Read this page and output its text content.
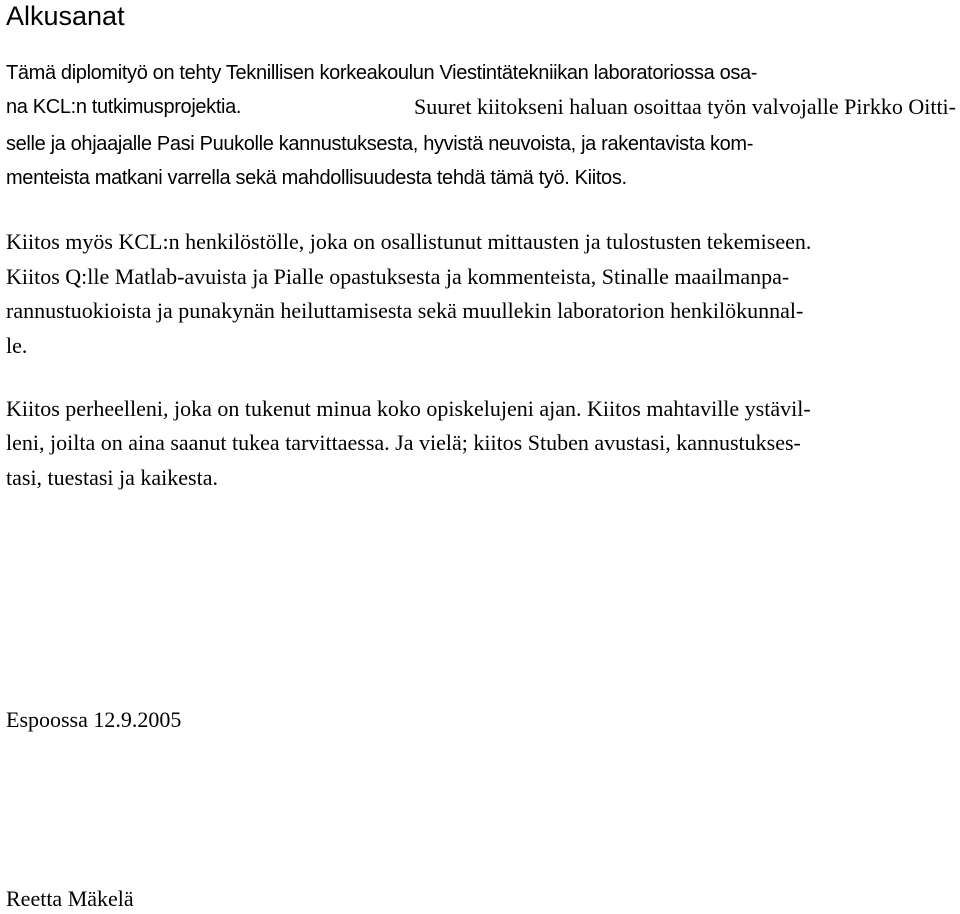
Alkusanat

Tämä diplomityö on tehty Teknillisen korkeakoulun Viestintätekniikan laboratoriossa osa-

na KCL:n tutkimusprojektia.	Suuret kiitokseni haluan osoittaa työn valvojalle Pirkko Oitti-

selle ja ohjaajalle Pasi Puukolle kannustuksesta, hyvistä neuvoista, ja rakentavista kom-

menteista matkani varrella sekä mahdollisuudesta tehdä tämä työ. Kiitos.

Kiitos myös KCL:n henkilöstölle, joka on osallistunut mittausten ja tulostusten tekemiseen.

Kiitos Q:lle Matlab-avuista ja Pialle opastuksesta ja kommenteista, Stinalle maailmanpa-

rannustuokioista ja punakynän heiluttamisesta sekä muullekin laboratorion henkilökunnal-

le.

Kiitos perheelleni, joka on tukenut minua koko opiskelujeni ajan. Kiitos mahtaville ystävil-

leni, joilta on aina saanut tukea tarvittaessa. Ja vielä; kiitos Stuben avustasi, kannustukses-

tasi, tuestasi ja kaikesta.

Espoossa 12.9.2005

Reetta Mäkelä
